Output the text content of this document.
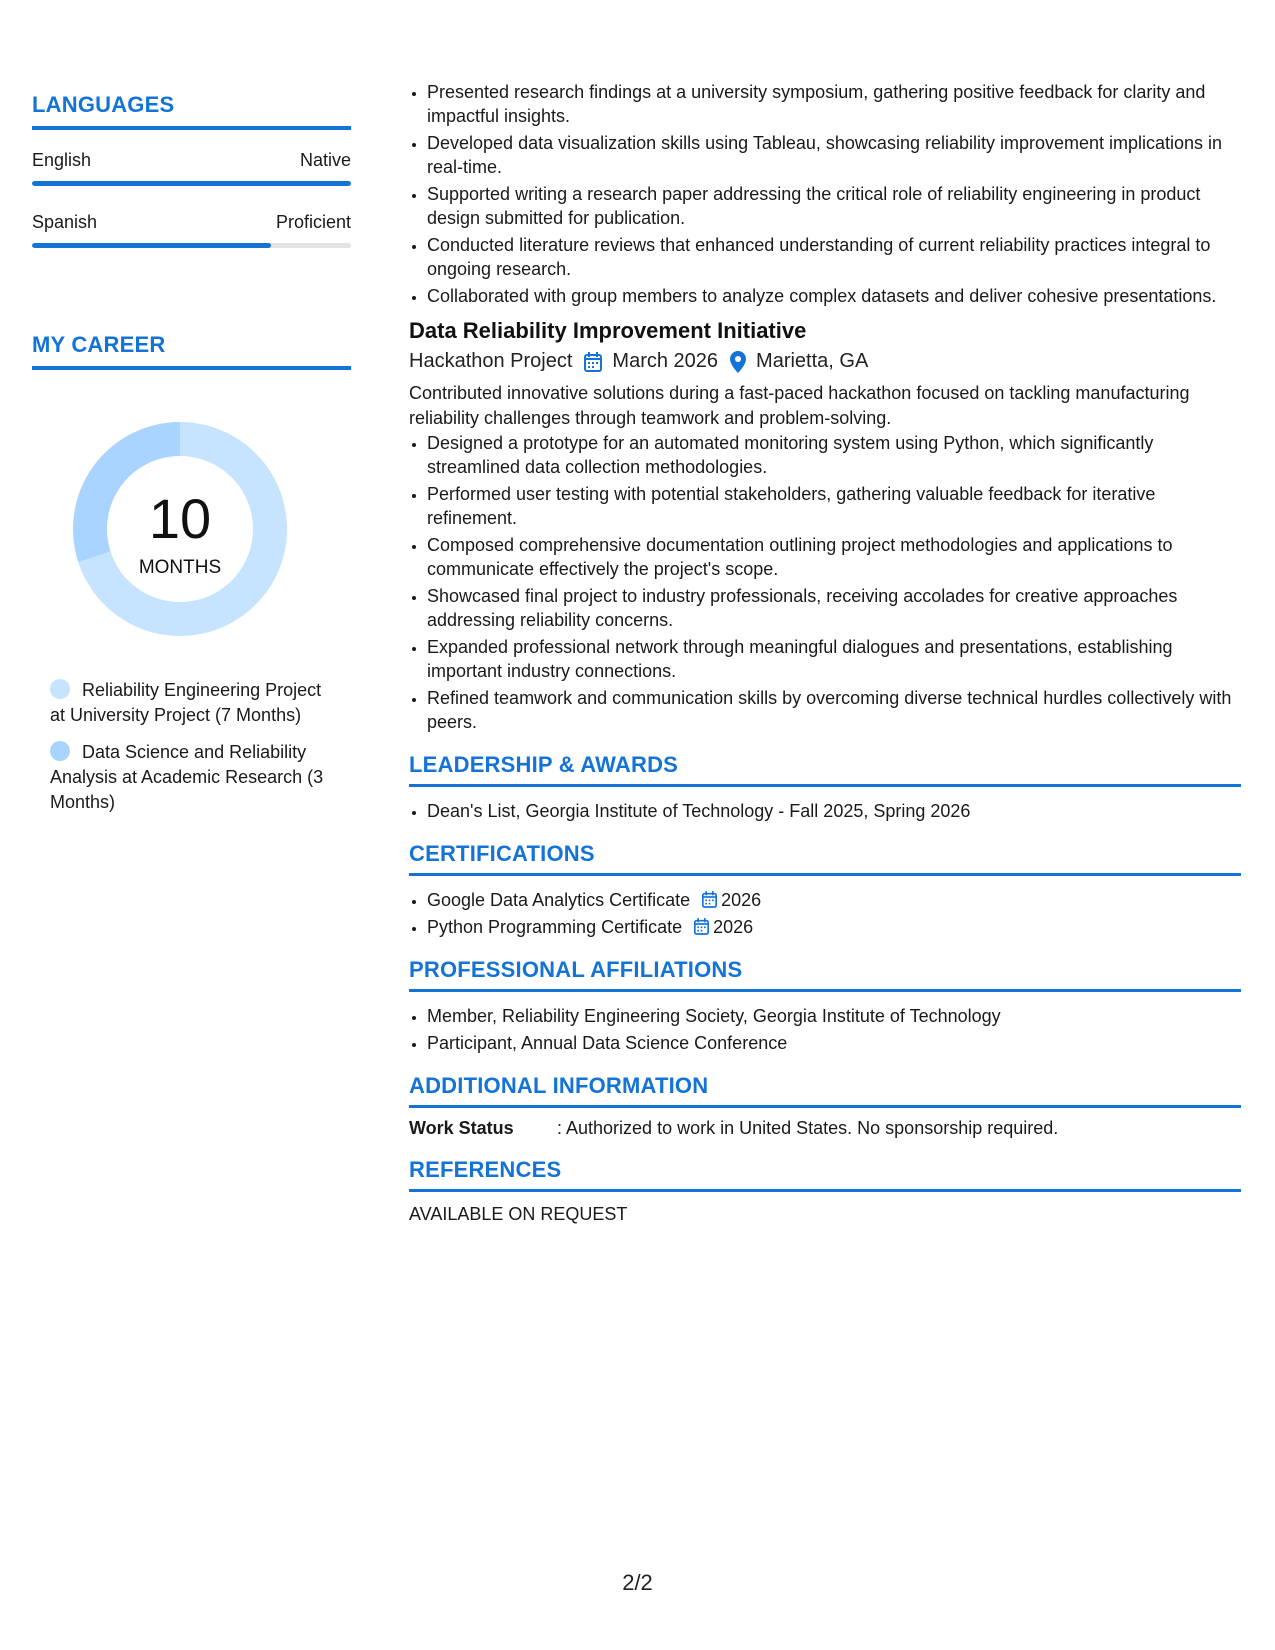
LANGUAGES
English	Native
Spanish	Proficient
MY CAREER
10
MONTHS
Reliability Engineering Project at University Project (7 Months)
Data Science and Reliability Analysis at Academic Research (3 Months)
• Presented research findings at a university symposium, gathering positive feedback for clarity and impactful insights.
• Developed data visualization skills using Tableau, showcasing reliability improvement implications in real-time.
• Supported writing a research paper addressing the critical role of reliability engineering in product design submitted for publication.
• Conducted literature reviews that enhanced understanding of current reliability practices integral to ongoing research.
• Collaborated with group members to analyze complex datasets and deliver cohesive presentations.
Data Reliability Improvement Initiative
Hackathon Project March 2026 Marietta, GA
Contributed innovative solutions during a fast-paced hackathon focused on tackling manufacturing reliability challenges through teamwork and problem-solving.
• Designed a prototype for an automated monitoring system using Python, which significantly streamlined data collection methodologies.
• Performed user testing with potential stakeholders, gathering valuable feedback for iterative refinement.
• Composed comprehensive documentation outlining project methodologies and applications to communicate effectively the project's scope.
• Showcased final project to industry professionals, receiving accolades for creative approaches addressing reliability concerns.
• Expanded professional network through meaningful dialogues and presentations, establishing important industry connections.
• Refined teamwork and communication skills by overcoming diverse technical hurdles collectively with peers.
LEADERSHIP & AWARDS
• Dean's List, Georgia Institute of Technology - Fall 2025, Spring 2026
CERTIFICATIONS
• Google Data Analytics Certificate 2026
• Python Programming Certificate 2026
PROFESSIONAL AFFILIATIONS
• Member, Reliability Engineering Society, Georgia Institute of Technology
• Participant, Annual Data Science Conference
ADDITIONAL INFORMATION
Work Status	: Authorized to work in United States. No sponsorship required.
REFERENCES
AVAILABLE ON REQUEST
2/2
